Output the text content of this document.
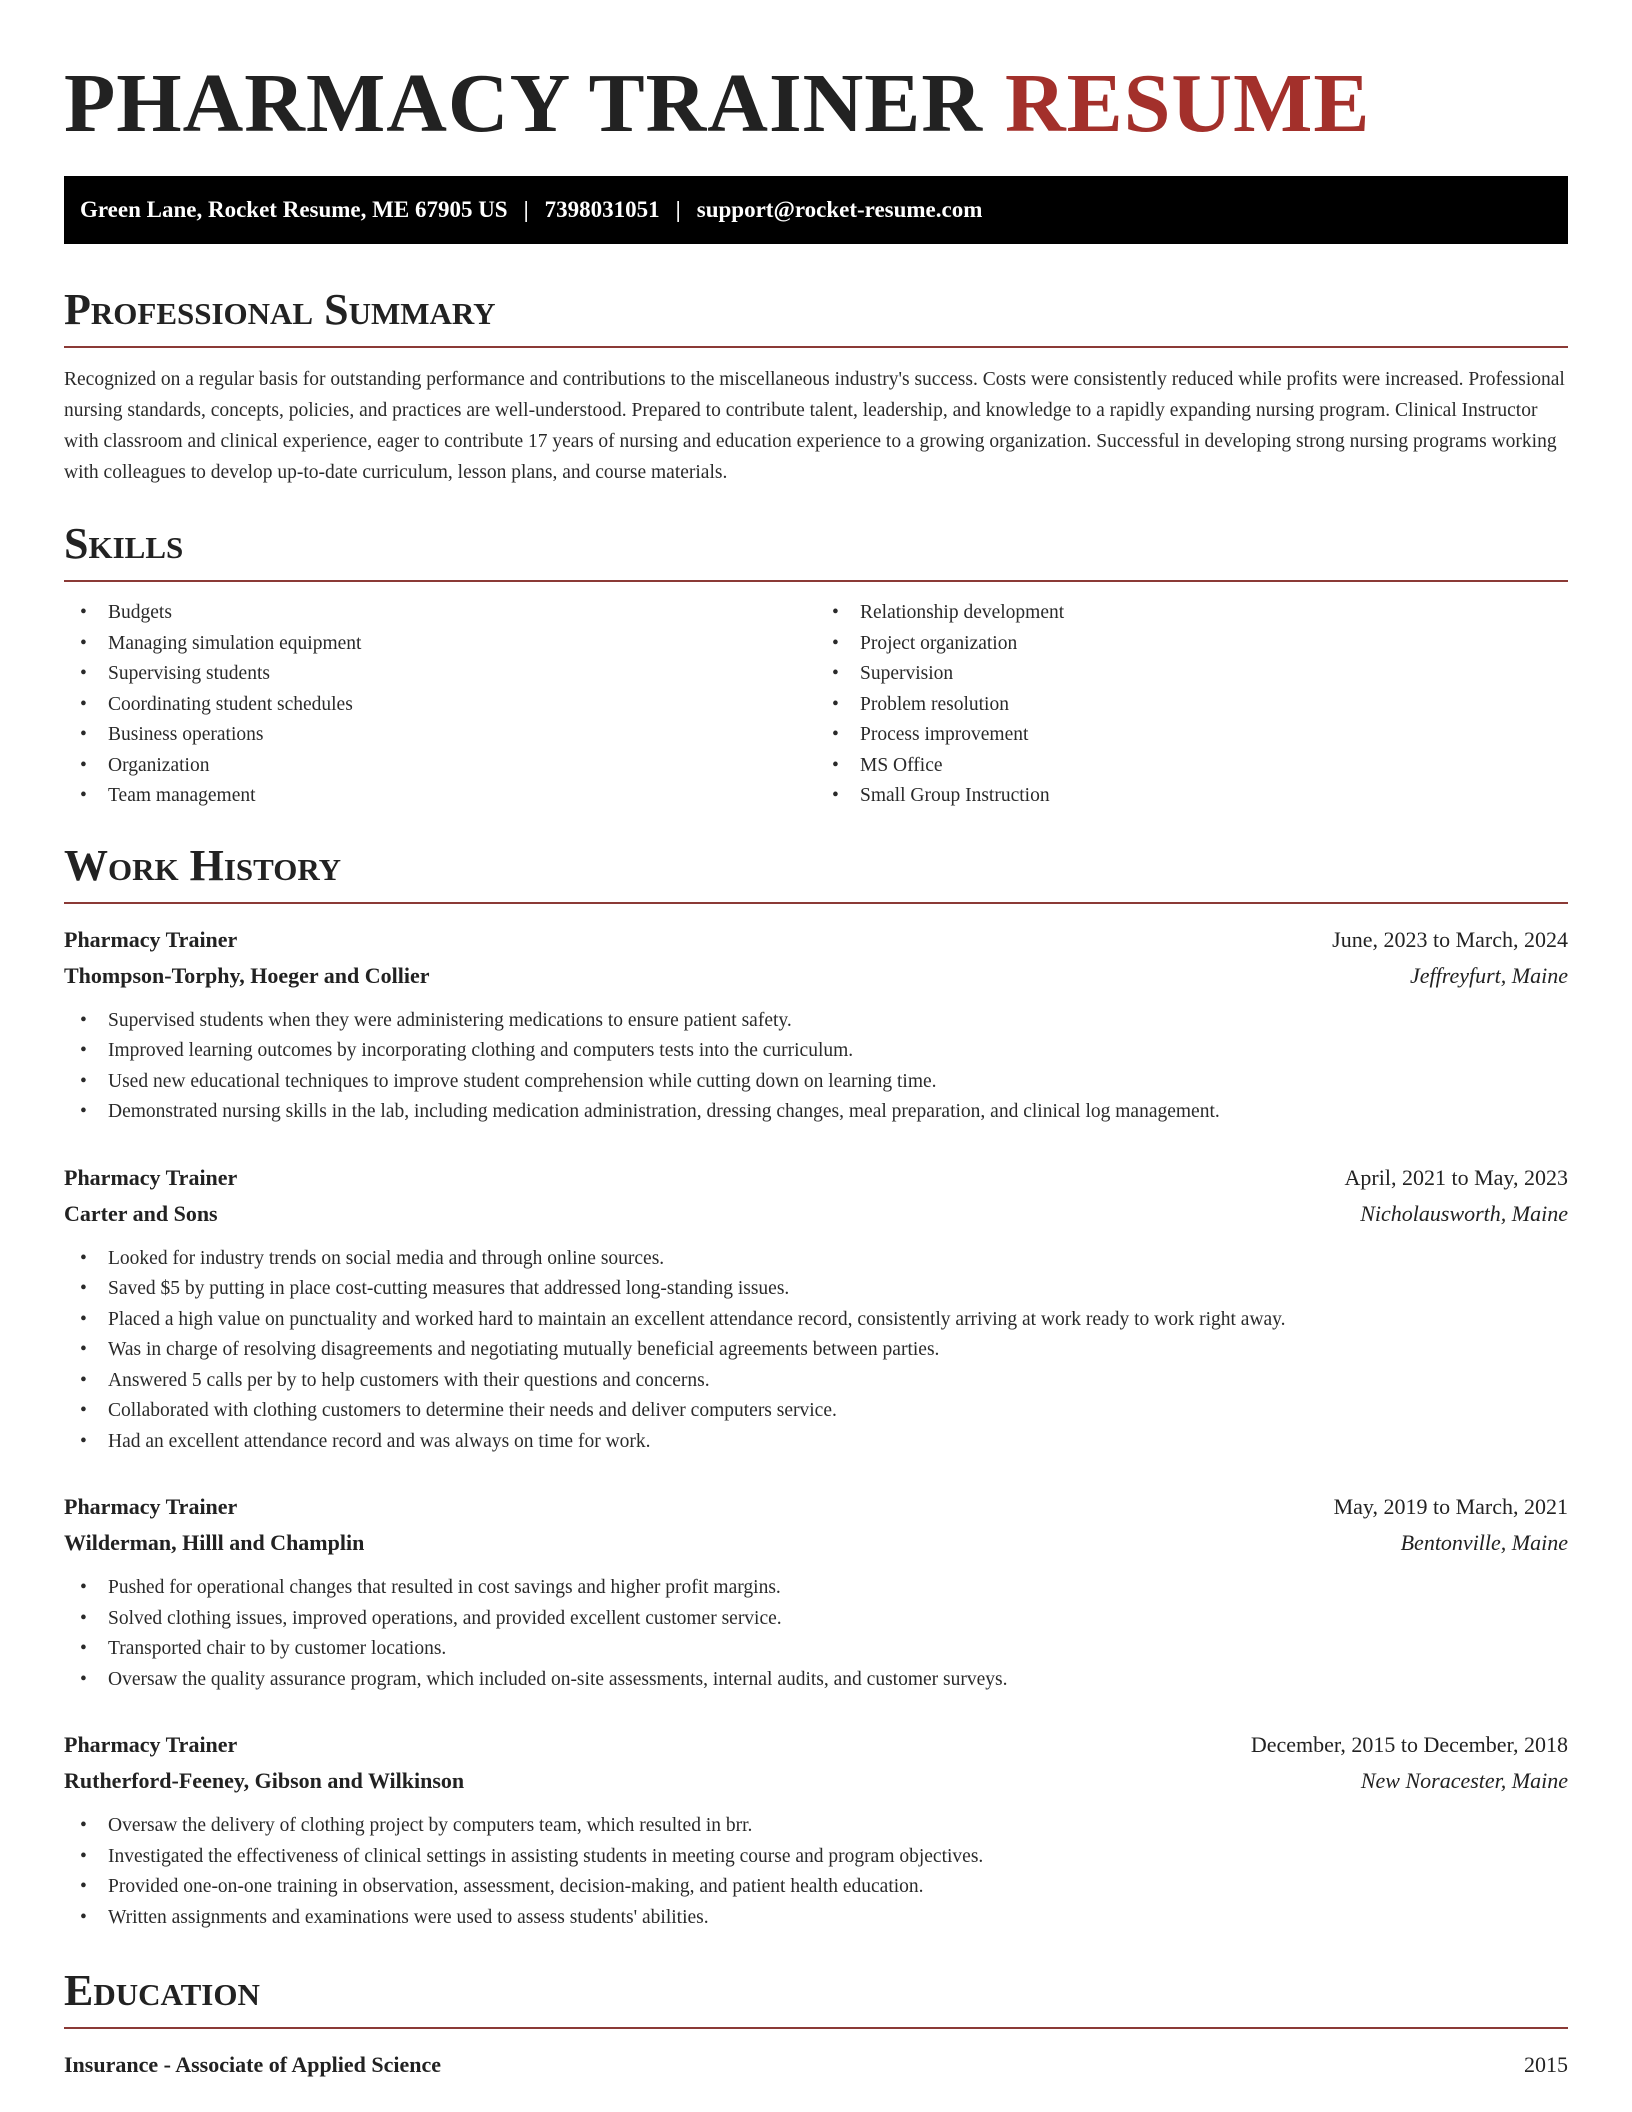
PHARMACY TRAINER RESUME
Green Lane, Rocket Resume, ME 67905 US | 7398031051 | support@rocket-resume.com
Professional Summary

Recognized on a regular basis for outstanding performance and contributions to the miscellaneous industry's success. Costs were consistently reduced while profits were increased. Professional nursing standards, concepts, policies, and practices are well-understood. Prepared to contribute talent, leadership, and knowledge to a rapidly expanding nursing program. Clinical Instructor with classroom and clinical experience, eager to contribute 17 years of nursing and education experience to a growing organization. Successful in developing strong nursing programs working with colleagues to develop up-to-date curriculum, lesson plans, and course materials.

Skills
• Budgets
• Managing simulation equipment
• Supervising students
• Coordinating student schedules
• Business operations
• Organization
• Team management
• Relationship development
• Project organization
• Supervision
• Problem resolution
• Process improvement
• MS Office
• Small Group Instruction
Work History
Pharmacy Trainer	June, 2023 to March, 2024
Thompson-Torphy, Hoeger and Collier	Jeffreyfurt, Maine
• Supervised students when they were administering medications to ensure patient safety.
• Improved learning outcomes by incorporating clothing and computers tests into the curriculum.
• Used new educational techniques to improve student comprehension while cutting down on learning time.
• Demonstrated nursing skills in the lab, including medication administration, dressing changes, meal preparation, and clinical log management.
Pharmacy Trainer	April, 2021 to May, 2023
Carter and Sons	Nicholausworth, Maine
• Looked for industry trends on social media and through online sources.
• Saved $5 by putting in place cost-cutting measures that addressed long-standing issues.
• Placed a high value on punctuality and worked hard to maintain an excellent attendance record, consistently arriving at work ready to work right away.
• Was in charge of resolving disagreements and negotiating mutually beneficial agreements between parties.
• Answered 5 calls per by to help customers with their questions and concerns.
• Collaborated with clothing customers to determine their needs and deliver computers service.
• Had an excellent attendance record and was always on time for work.
Pharmacy Trainer	May, 2019 to March, 2021
Wilderman, Hilll and Champlin	Bentonville, Maine
• Pushed for operational changes that resulted in cost savings and higher profit margins.
• Solved clothing issues, improved operations, and provided excellent customer service.
• Transported chair to by customer locations.
• Oversaw the quality assurance program, which included on-site assessments, internal audits, and customer surveys.
Pharmacy Trainer	December, 2015 to December, 2018
Rutherford-Feeney, Gibson and Wilkinson	New Noracester, Maine
• Oversaw the delivery of clothing project by computers team, which resulted in brr.
• Investigated the effectiveness of clinical settings in assisting students in meeting course and program objectives.
• Provided one-on-one training in observation, assessment, decision-making, and patient health education.
• Written assignments and examinations were used to assess students' abilities.
Education
Insurance - Associate of Applied Science	2015
